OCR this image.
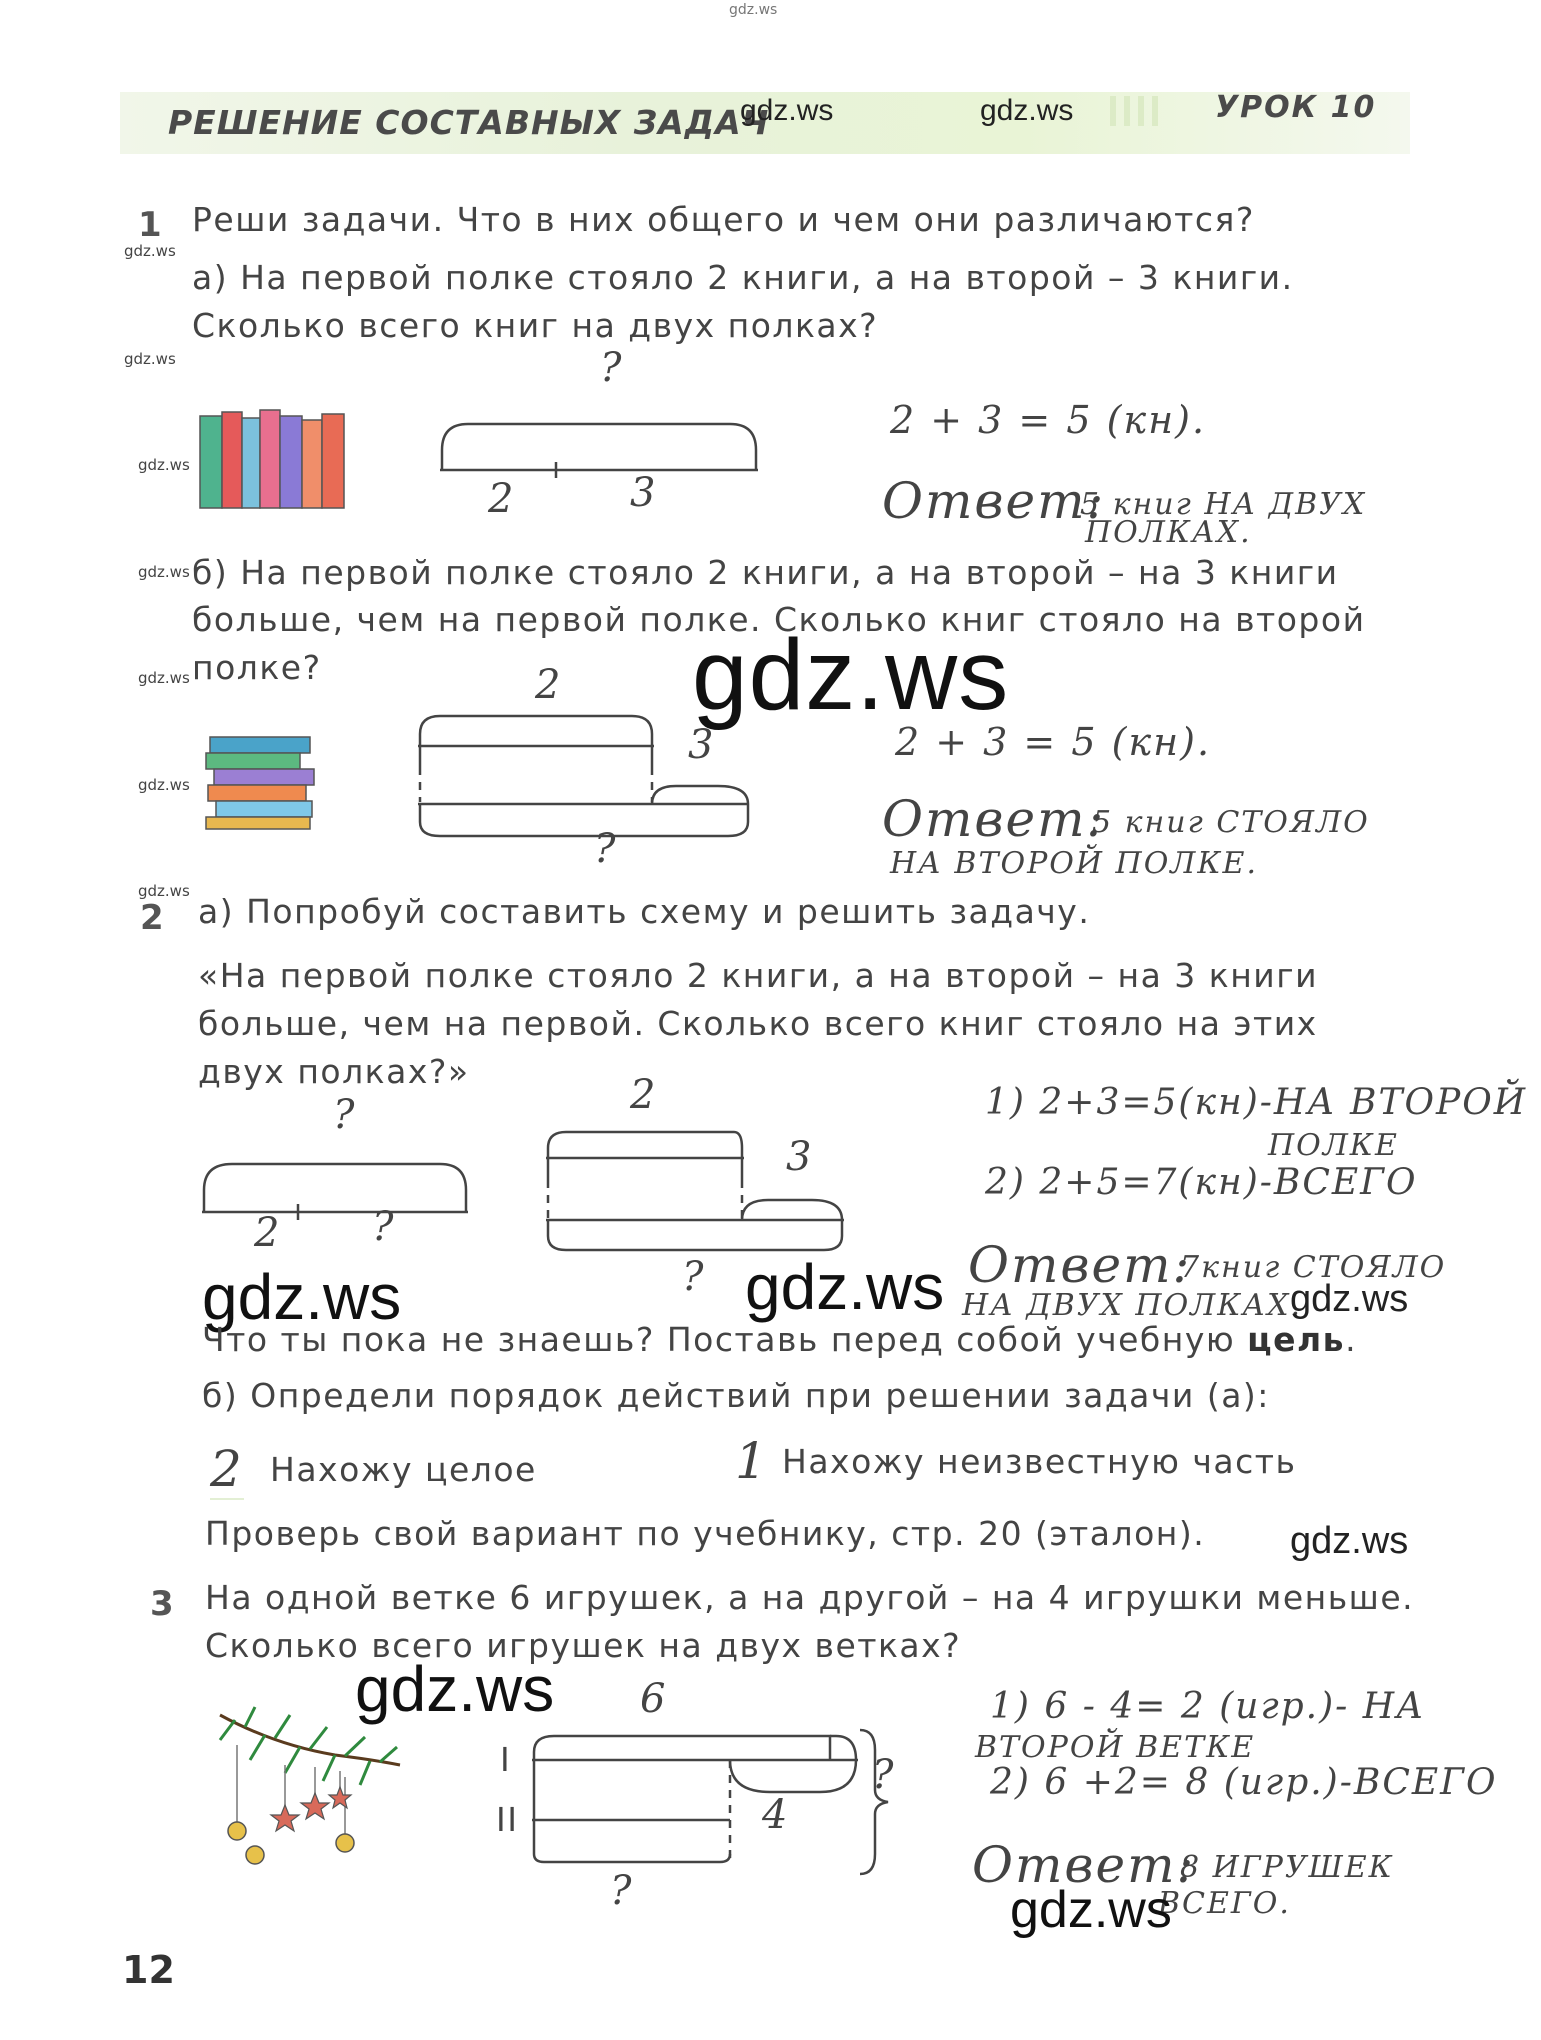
gdz.ws
РЕШЕНИЕ СОСТАВНЫХ ЗАДАЧ
gdz.ws	gdz.ws	УРОК 10
gdz.ws
gdz.ws
gdz.ws
gdz.ws
gdz.ws
gdz.ws
gdz.ws
1 Реши задачи. Что в них общего и чем они различаются?
а) На первой полке стояло 2 книги, а на второй – 3 книги.
Сколько всего книг на двух полках?
?
2	3
2 + 3 = 5 (кн).
Ответ:
5 книг НА ДВУХ
ПОЛКАХ.
б) На первой полке стояло 2 книги, а на второй – на 3 книги
больше, чем на первой полке. Сколько книг стояло на второй
полке?	gdz.ws
2
3
?
2 + 3 = 5 (кн).
Ответ:
5 книг СТОЯЛО
НА ВТОРОЙ ПОЛКЕ.
2 а) Попробуй составить схему и решить задачу.
«На первой полке стояло 2 книги, а на второй – на 3 книги
больше, чем на первой. Сколько всего книг стояло на этих
двух полках?»
?
2 ?
2
3
?
1) 2+3=5(кн)-НА ВТОРОЙ
ПОЛКЕ
2) 2+5=7(кн)-ВСЕГО
Ответ:
7книг СТОЯЛО
НА ДВУХ ПОЛКАХ.
gdz.ws	gdz.ws	gdz.ws
Что ты пока не знаешь? Поставь перед собой учебную цель.
б) Определи порядок действий при решении задачи (а):
2 Нахожу целое	1 Нахожу неизвестную часть
Проверь свой вариант по учебнику, стр. 20 (эталон). gdz.ws
3 На одной ветке 6 игрушек, а на другой – на 4 игрушки меньше.
Сколько всего игрушек на двух ветках?
gdz.ws 6
I
II	4
?
?
1) 6 - 4= 2 (игр.)- НА
ВТОРОЙ ВЕТКЕ
2) 6 +2= 8 (игр.)-ВСЕГО
Ответ:
8 ИГРУШЕК
ВСЕГО.
gdz.ws
12
